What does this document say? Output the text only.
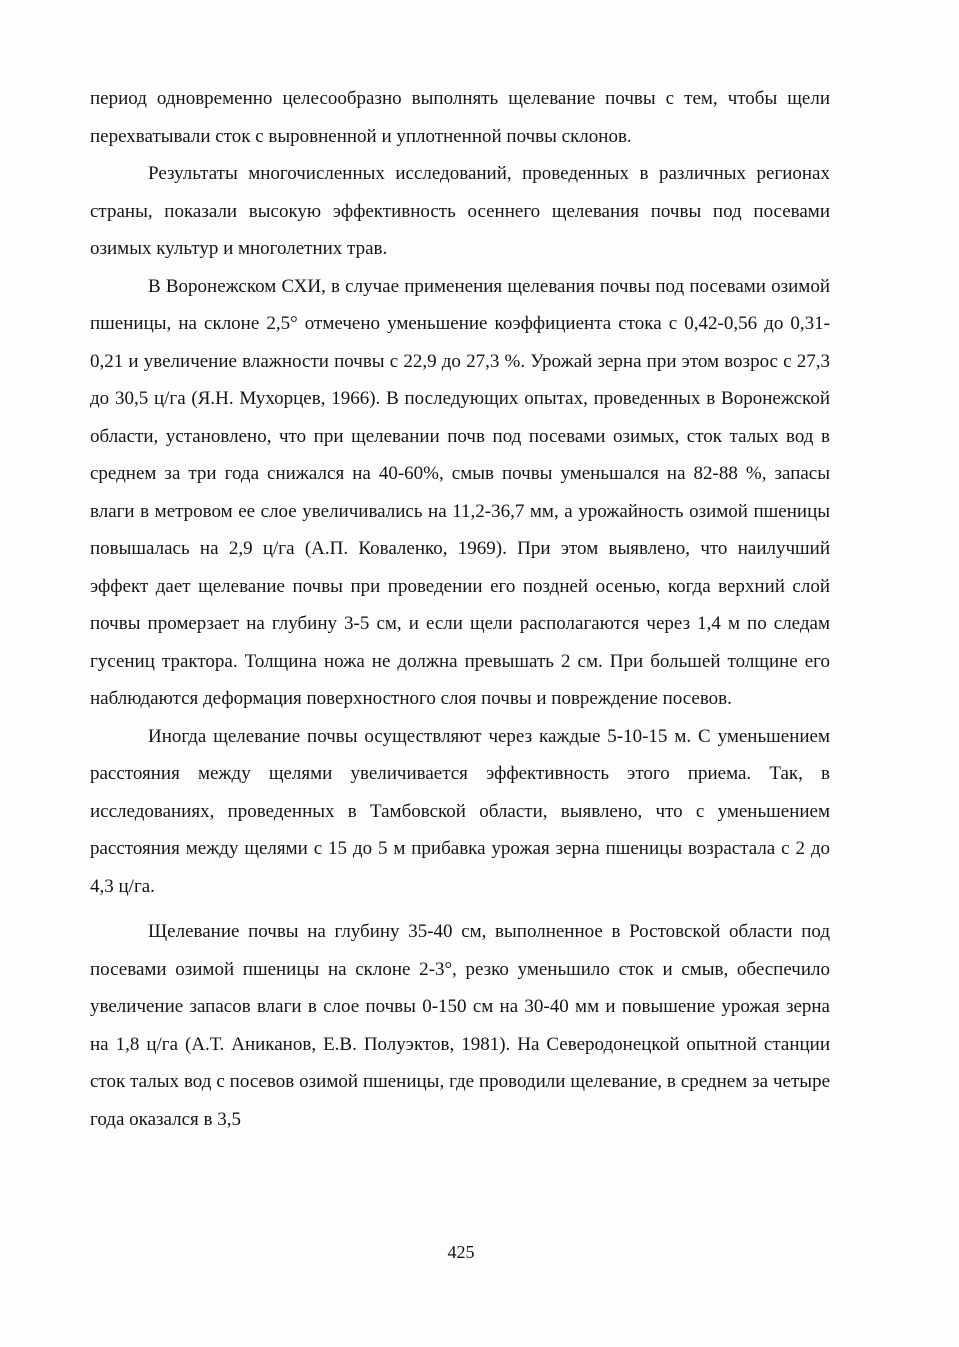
период одновременно целесообразно выполнять щелевание почвы с тем, чтобы щели перехватывали сток с выровненной и уплотненной почвы склонов.

Результаты многочисленных исследований, проведенных в различных регионах страны, показали высокую эффективность осеннего щелевания почвы под посевами озимых культур и многолетних трав.

В Воронежском СХИ, в случае применения щелевания почвы под посевами озимой пшеницы, на склоне 2,5° отмечено уменьшение коэффициента стока с 0,42-0,56 до 0,31-0,21 и увеличение влажности почвы с 22,9 до 27,3 %. Урожай зерна при этом возрос с 27,3 до 30,5 ц/га (Я.Н. Мухорцев, 1966). В последующих опытах, проведенных в Воронежской области, установлено, что при щелевании почв под посевами озимых, сток талых вод в среднем за три года снижался на 40-60%, смыв почвы уменьшался на 82-88 %, запасы влаги в метровом ее слое увеличивались на 11,2-36,7 мм, а урожайность озимой пшеницы повышалась на 2,9 ц/га (А.П. Коваленко, 1969). При этом выявлено, что наилучший эффект дает щелевание почвы при проведении его поздней осенью, когда верхний слой почвы промерзает на глубину 3-5 см, и если щели располагаются через 1,4 м по следам гусениц трактора. Толщина ножа не должна превышать 2 см. При большей толщине его наблюдаются деформация поверхностного слоя почвы и повреждение посевов.

Иногда щелевание почвы осуществляют через каждые 5-10-15 м. С уменьшением расстояния между щелями увеличивается эффективность этого приема. Так, в исследованиях, проведенных в Тамбовской области, выявлено, что с уменьшением расстояния между щелями с 15 до 5 м прибавка урожая зерна пшеницы возрастала с 2 до 4,3 ц/га.

Щелевание почвы на глубину 35-40 см, выполненное в Ростовской области под посевами озимой пшеницы на склоне 2-3°, резко уменьшило сток и смыв, обеспечило увеличение запасов влаги в слое почвы 0-150 см на 30-40 мм и повышение урожая зерна на 1,8 ц/га (А.Т. Аниканов, Е.В. Полуэктов, 1981). На Северодонецкой опытной станции сток талых вод с посевов озимой пшеницы, где проводили щелевание, в среднем за четыре года оказался в 3,5

425
